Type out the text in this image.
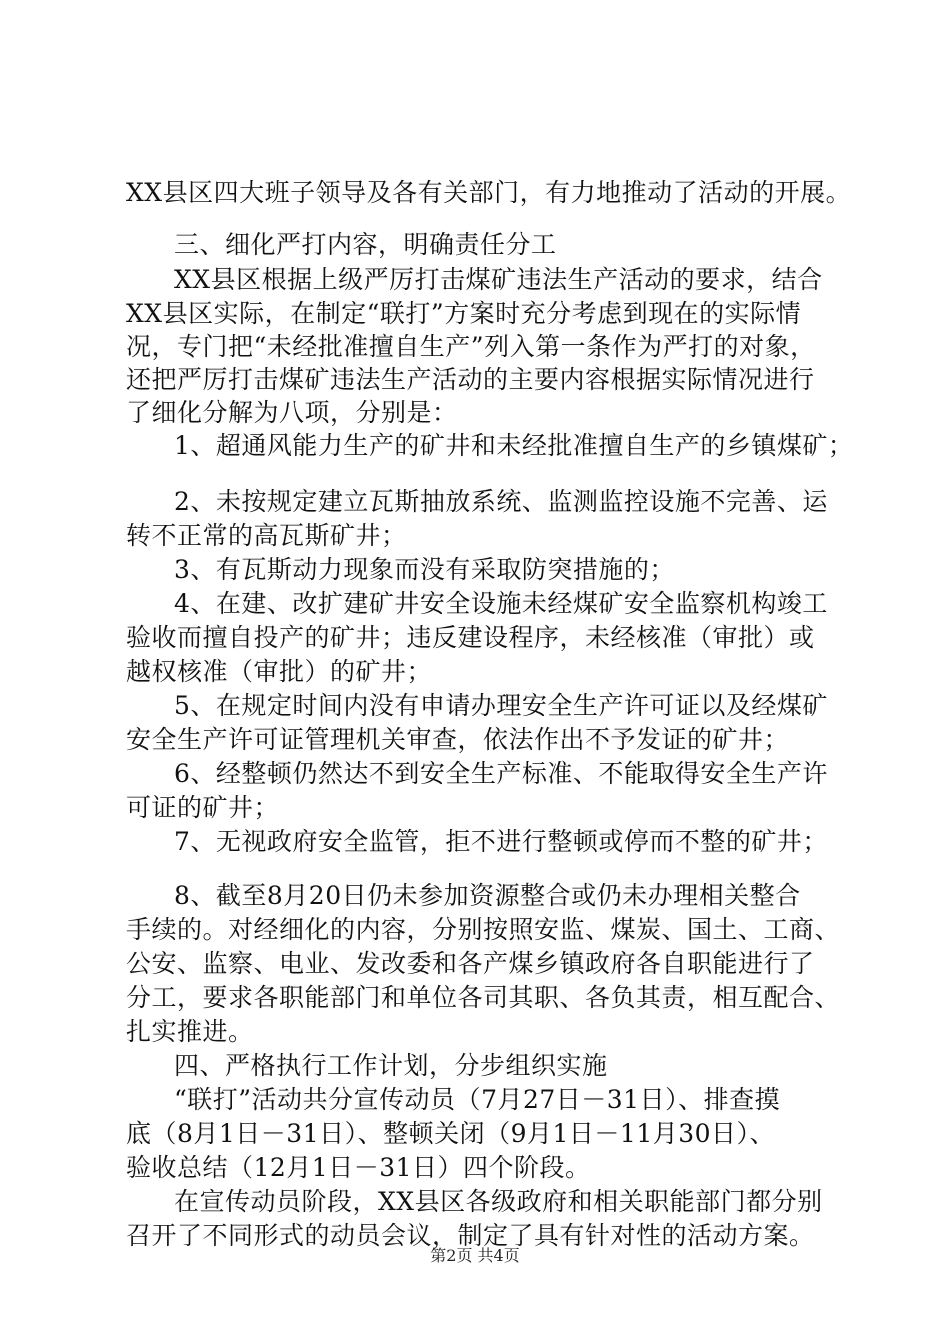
XX县区四大班子领导及各有关部门，有力地推动了活动的开展。
三、细化严打内容，明确责任分工
XX县区根据上级严厉打击煤矿违法生产活动的要求，结合
XX县区实际，在制定“联打”方案时充分考虑到现在的实际情
况，专门把“未经批准擅自生产”列入第一条作为严打的对象，
还把严厉打击煤矿违法生产活动的主要内容根据实际情况进行
了细化分解为八项，分别是：
1、超通风能力生产的矿井和未经批准擅自生产的乡镇煤矿；
2、未按规定建立瓦斯抽放系统、监测监控设施不完善、运
转不正常的高瓦斯矿井；
3、有瓦斯动力现象而没有采取防突措施的；
4、在建、改扩建矿井安全设施未经煤矿安全监察机构竣工
验收而擅自投产的矿井；违反建设程序，未经核准（审批）或
越权核准（审批）的矿井；
5、在规定时间内没有申请办理安全生产许可证以及经煤矿
安全生产许可证管理机关审查，依法作出不予发证的矿井；
6、经整顿仍然达不到安全生产标准、不能取得安全生产许
可证的矿井；
7、无视政府安全监管，拒不进行整顿或停而不整的矿井；
8、截至8月20日仍未参加资源整合或仍未办理相关整合
手续的。对经细化的内容，分别按照安监、煤炭、国土、工商、
公安、监察、电业、发改委和各产煤乡镇政府各自职能进行了
分工，要求各职能部门和单位各司其职、各负其责，相互配合、
扎实推进。
四、严格执行工作计划，分步组织实施
“联打”活动共分宣传动员（7月27日－31日）、排查摸
底（8月1日－31日）、整顿关闭（9月1日－11月30日）、
验收总结（12月1日－31日）四个阶段。
在宣传动员阶段，XX县区各级政府和相关职能部门都分别
召开了不同形式的动员会议，制定了具有针对性的活动方案。
第2页 共4页
